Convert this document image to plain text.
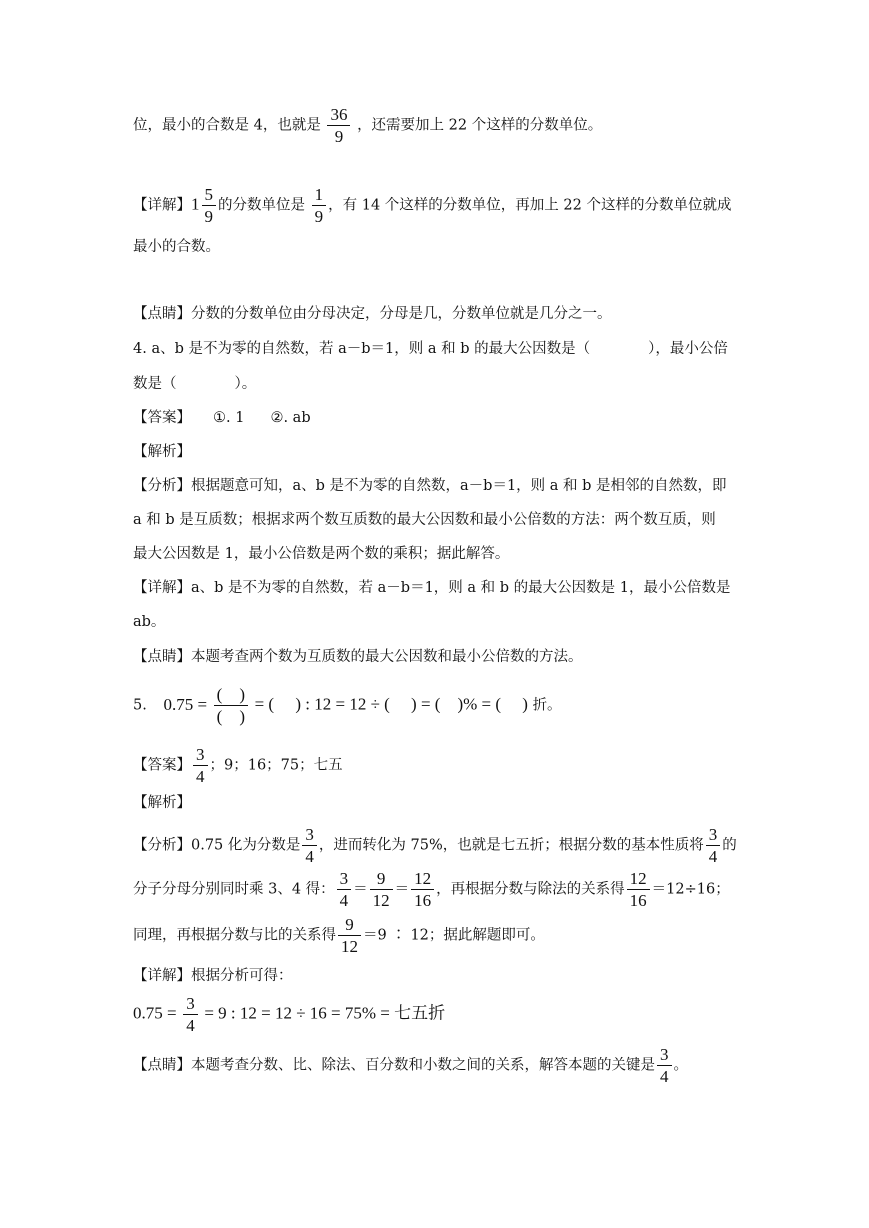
位，最小的合数是 4，也就是 $\frac{36}{9}$ ，还需要加上 22 个这样的分数单位。
【详解】$1 \frac{5}{9}$ 的分数单位是 $\frac{1}{9}$ ，有 14 个这样的分数单位，再加上 22 个这样的分数单位就成
最小的合数。
【点睛】分数的分数单位由分母决定，分母是几，分数单位就是几分之一。
4. a、b 是不为零的自然数，若 a－b＝1，则 a 和 b 的最大公因数是（	），最小公倍
数是（	）。
【答案】 ①. 1 ②. ab
【解析】
【分析】根据题意可知，a、b 是不为零的自然数，a－b＝1，则 a 和 b 是相邻的自然数，即
a 和 b 是互质数；根据求两个数互质数的最大公因数和最小公倍数的方法：两个数互质，则
最大公因数是 1，最小公倍数是两个数的乘积；据此解答。
【详解】a、b 是不为零的自然数，若 a－b＝1，则 a 和 b 的最大公因数是 1，最小公倍数是
ab。
【点睛】本题考查两个数为互质数的最大公因数和最小公倍数的方法。
5. $0.75 = \frac{( )}{( )}$ = (　 ) : 12 = 12 ÷ (　 ) = (　)% = (　 ) 折。
【答案】 $\frac{3}{4}$ ；9；16；75；七五
【解析】
【分析】0.75 化为分数是 $\frac{3}{4}$ ，进而转化为 75%，也就是七五折；根据分数的基本性质将 $\frac{3}{4}$ 的
分子分母分别同时乘 3、4 得： $\frac{3}{4} = \frac{9}{12} = \frac{12}{16}$ ，再根据分数与除法的关系得 $\frac{12}{16} =12\div 16$；
同理，再根据分数与比的关系得 $\frac{9}{12} =9$ ∶ 12；据此解题即可。
【详解】根据分析可得：
$0.75 = \frac{3}{4} = 9$ : 12 = 12 ÷ 16 = 75% = 七五折
【点睛】本题考查分数、比、除法、百分数和小数之间的关系，解答本题的关键是 $\frac{3}{4}$ 。
